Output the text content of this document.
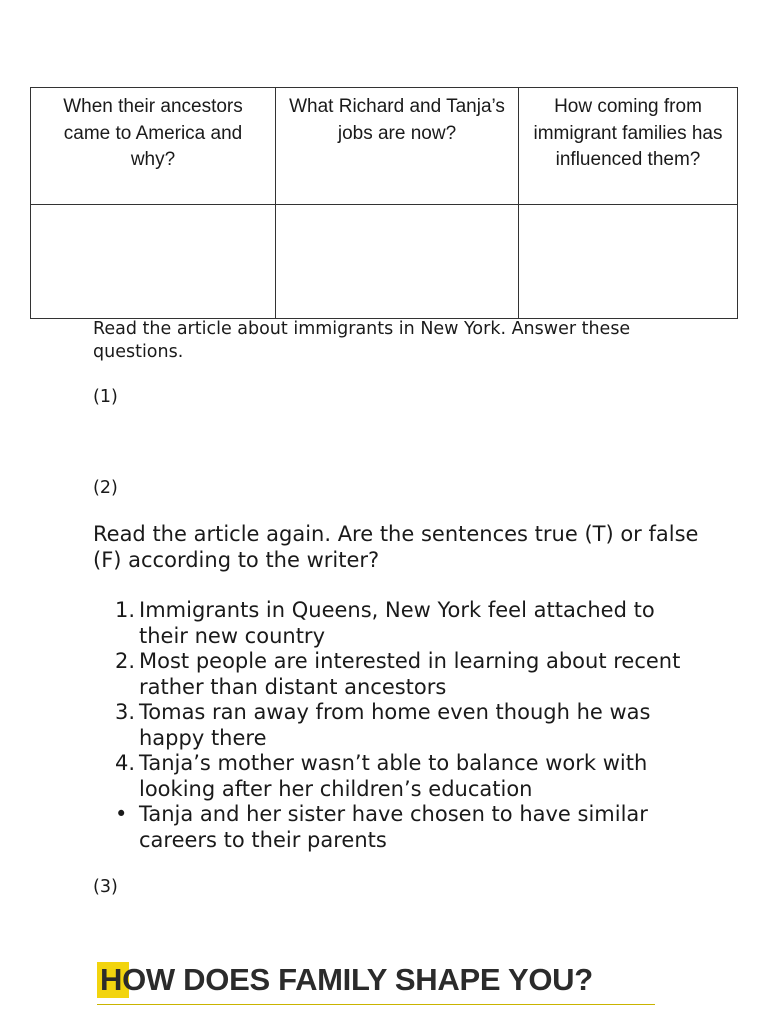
When their ancestors came to America and why?	What Richard and Tanja’s jobs are now?	How coming from immigrant families has influenced them?

Read the article about immigrants in New York. Answer these questions.

(1)

(2)

Read the article again. Are the sentences true (T) or false (F) according to the writer?

1. Immigrants in Queens, New York feel attached to their new country
2. Most people are interested in learning about recent rather than distant ancestors
3. Tomas ran away from home even though he was happy there
4. Tanja’s mother wasn’t able to balance work with looking after her children’s education
• Tanja and her sister have chosen to have similar careers to their parents

(3)

HOW DOES FAMILY SHAPE YOU?
